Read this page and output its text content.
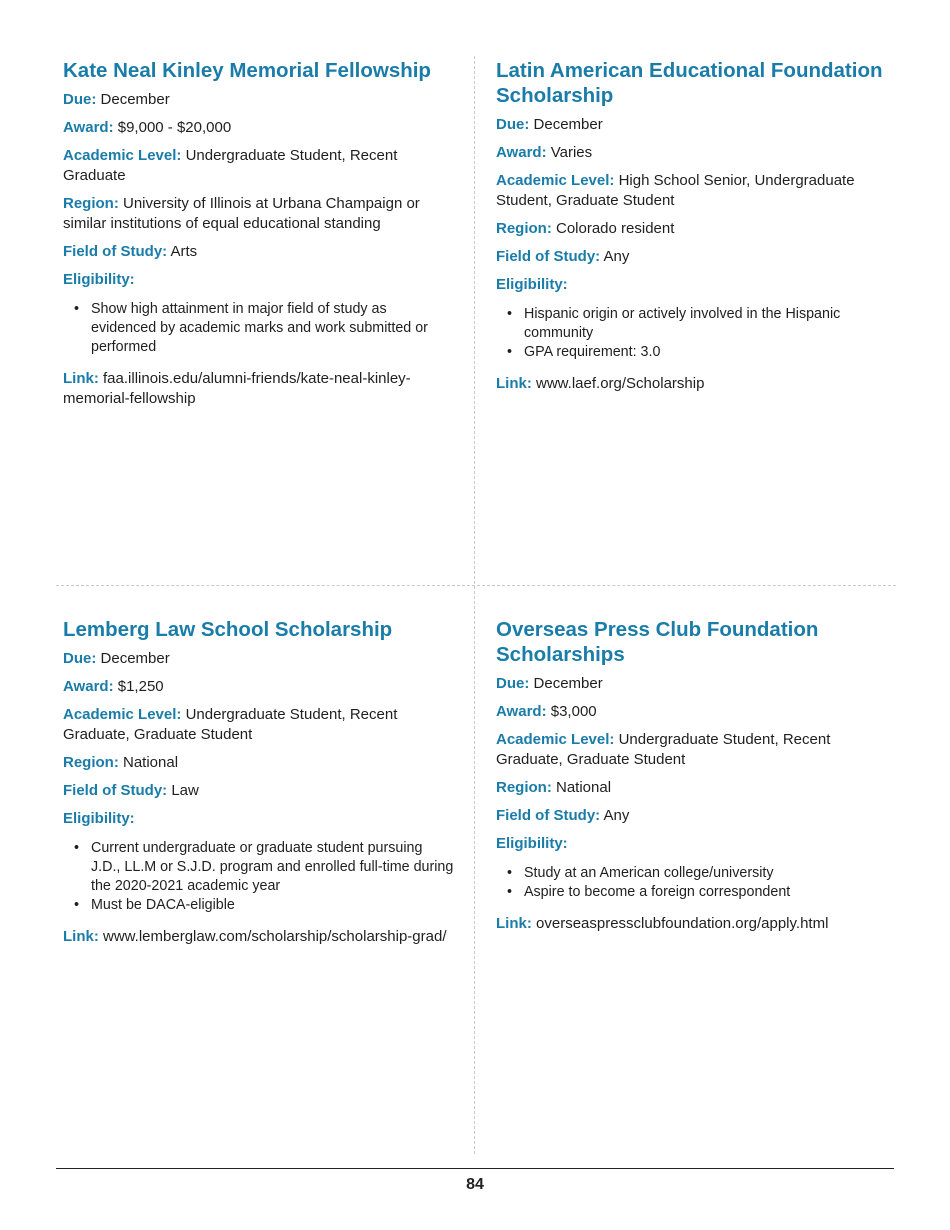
Kate Neal Kinley Memorial Fellowship
Due: December
Award: $9,000 - $20,000
Academic Level: Undergraduate Student, Recent Graduate
Region: University of Illinois at Urbana Champaign or similar institutions of equal educational standing
Field of Study: Arts
Eligibility:
• Show high attainment in major field of study as evidenced by academic marks and work submitted or performed
Link: faa.illinois.edu/alumni-friends/kate-neal-kinley-memorial-fellowship
Latin American Educational Foundation Scholarship
Due: December
Award: Varies
Academic Level: High School Senior, Undergraduate Student, Graduate Student
Region: Colorado resident
Field of Study: Any
Eligibility:
• Hispanic origin or actively involved in the Hispanic community
• GPA requirement: 3.0
Link: www.laef.org/Scholarship
Lemberg Law School Scholarship
Due: December
Award: $1,250
Academic Level: Undergraduate Student, Recent Graduate, Graduate Student
Region: National
Field of Study: Law
Eligibility:
• Current undergraduate or graduate student pursuing J.D., LL.M or S.J.D. program and enrolled full-time during the 2020-2021 academic year
• Must be DACA-eligible
Link: www.lemberglaw.com/scholarship/scholarship-grad/
Overseas Press Club Foundation Scholarships
Due: December
Award: $3,000
Academic Level: Undergraduate Student, Recent Graduate, Graduate Student
Region: National
Field of Study: Any
Eligibility:
• Study at an American college/university
• Aspire to become a foreign correspondent
Link: overseaspressclubfoundation.org/apply.html
84
